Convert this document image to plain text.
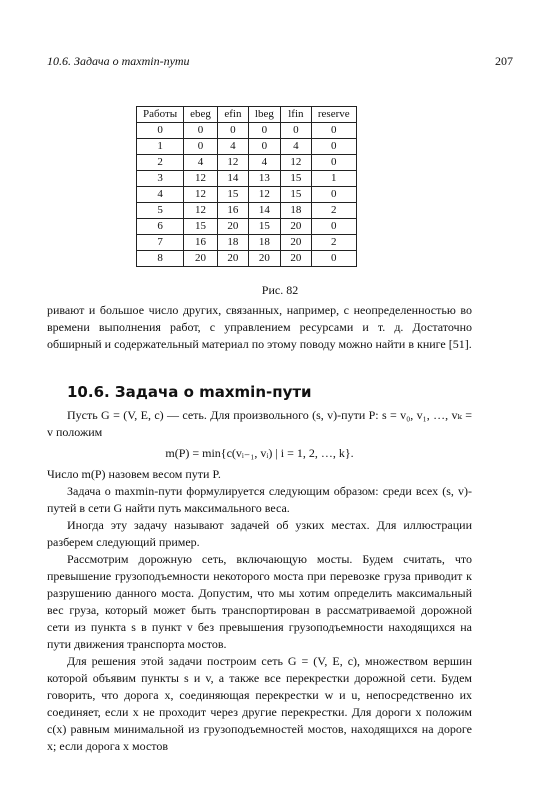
10.6. Задача о maxmin-пути	207
Работы	ebeg	efin	lbeg	lfin	reserve
0	0	0	0	0	0
1	0	4	0	4	0
2	4	12	4	12	0
3	12	14	13	15	1
4	12	15	12	15	0
5	12	16	14	18	2
6	15	20	15	20	0
7	16	18	18	20	2
8	20	20	20	20	0
Рис. 82

ривают и большое число других, связанных, например, с неопределенностью во времени выполнения работ, с управлением ресурсами и т. д. Достаточно обширный и содержательный материал по этому поводу можно найти в книге [51].

10.6. Задача о maxmin-пути

Пусть G = (V, E, c) — сеть. Для произвольного (s, v)-пути P: s = v₀, v₁, …, vₖ = v положим

m(P) = min{c(vᵢ₋₁, vᵢ) | i = 1, 2, …, k}.

Число m(P) назовем весом пути P.

Задача о maxmin-пути формулируется следующим образом: среди всех (s, v)-путей в сети G найти путь максимального веса.

Иногда эту задачу называют задачей об узких местах. Для иллюстрации разберем следующий пример.

Рассмотрим дорожную сеть, включающую мосты. Будем считать, что превышение грузоподъемности некоторого моста при перевозке груза приводит к разрушению данного моста. Допустим, что мы хотим определить максимальный вес груза, который может быть транспортирован в рассматриваемой дорожной сети из пункта s в пункт v без превышения грузоподъемности находящихся на пути движения транспорта мостов.

Для решения этой задачи построим сеть G = (V, E, c), множеством вершин которой объявим пункты s и v, а также все перекрестки дорожной сети. Будем говорить, что дорога x, соединяющая перекрестки w и u, непосредственно их соединяет, если x не проходит через другие перекрестки. Для дороги x положим c(x) равным минимальной из грузоподъемностей мостов, находящихся на дороге x; если дорога x мостов
